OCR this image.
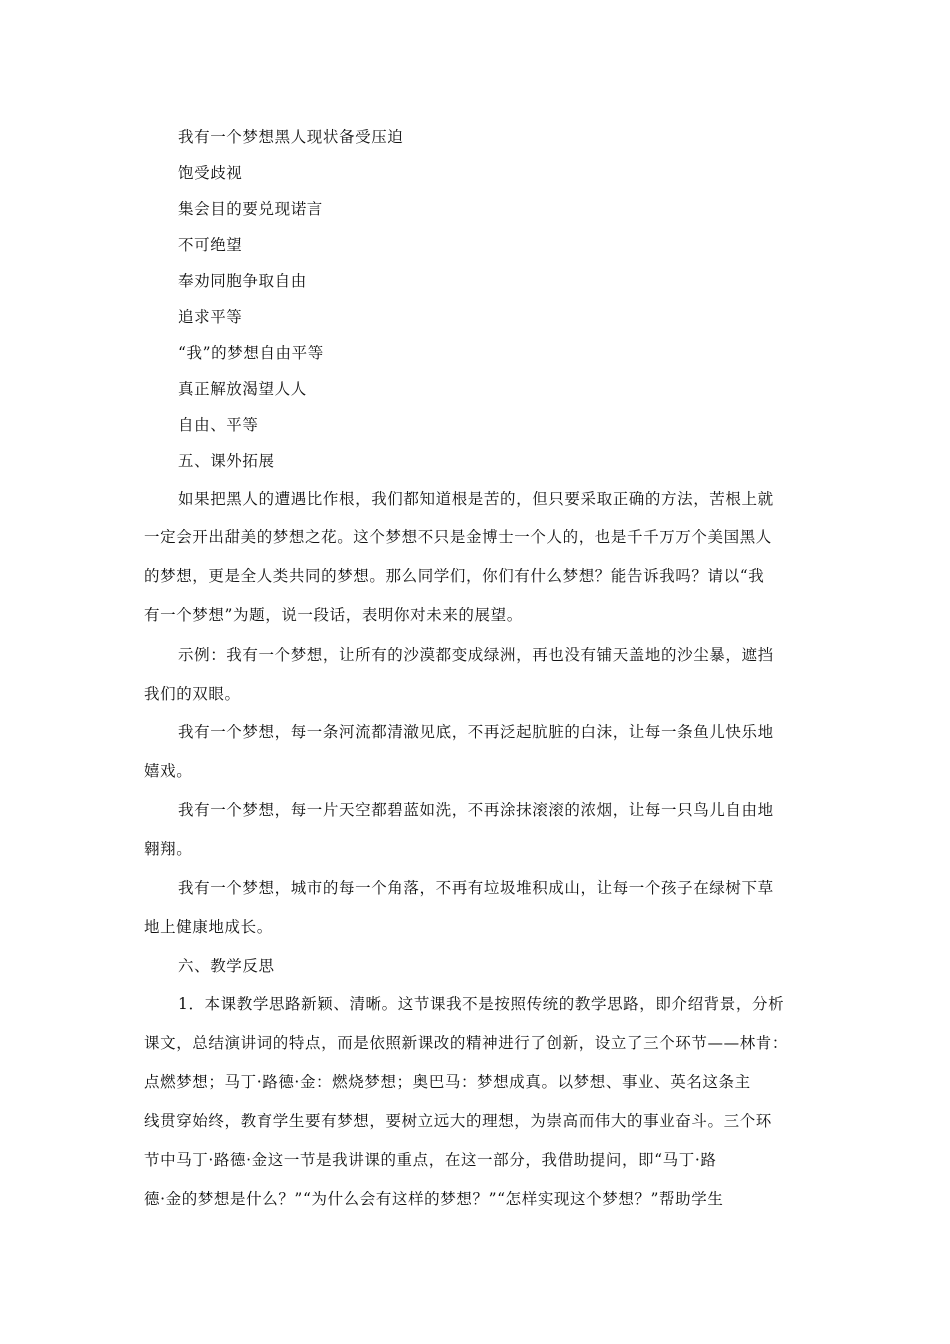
我有一个梦想黑人现状备受压迫
饱受歧视
集会目的要兑现诺言
不可绝望
奉劝同胞争取自由
追求平等
“我”的梦想自由平等
真正解放渴望人人
自由、平等
五、课外拓展
如果把黑人的遭遇比作根，我们都知道根是苦的，但只要采取正确的方法，苦根上就
一定会开出甜美的梦想之花。这个梦想不只是金博士一个人的，也是千千万万个美国黑人
的梦想，更是全人类共同的梦想。那么同学们，你们有什么梦想？能告诉我吗？请以“我
有一个梦想”为题，说一段话，表明你对未来的展望。
示例：我有一个梦想，让所有的沙漠都变成绿洲，再也没有铺天盖地的沙尘暴，遮挡
我们的双眼。
我有一个梦想，每一条河流都清澈见底，不再泛起肮脏的白沫，让每一条鱼儿快乐地
嬉戏。
我有一个梦想，每一片天空都碧蓝如洗，不再涂抹滚滚的浓烟，让每一只鸟儿自由地
翱翔。
我有一个梦想，城市的每一个角落，不再有垃圾堆积成山，让每一个孩子在绿树下草
地上健康地成长。
六、教学反思
1．本课教学思路新颖、清晰。这节课我不是按照传统的教学思路，即介绍背景，分析
课文，总结演讲词的特点，而是依照新课改的精神进行了创新，设立了三个环节——林肯：
点燃梦想；马丁·路德·金：燃烧梦想；奥巴马：梦想成真。以梦想、事业、英名这条主
线贯穿始终，教育学生要有梦想，要树立远大的理想，为崇高而伟大的事业奋斗。三个环
节中马丁·路德·金这一节是我讲课的重点，在这一部分，我借助提问，即“马丁·路
德·金的梦想是什么？”“为什么会有这样的梦想？”“怎样实现这个梦想？”帮助学生
